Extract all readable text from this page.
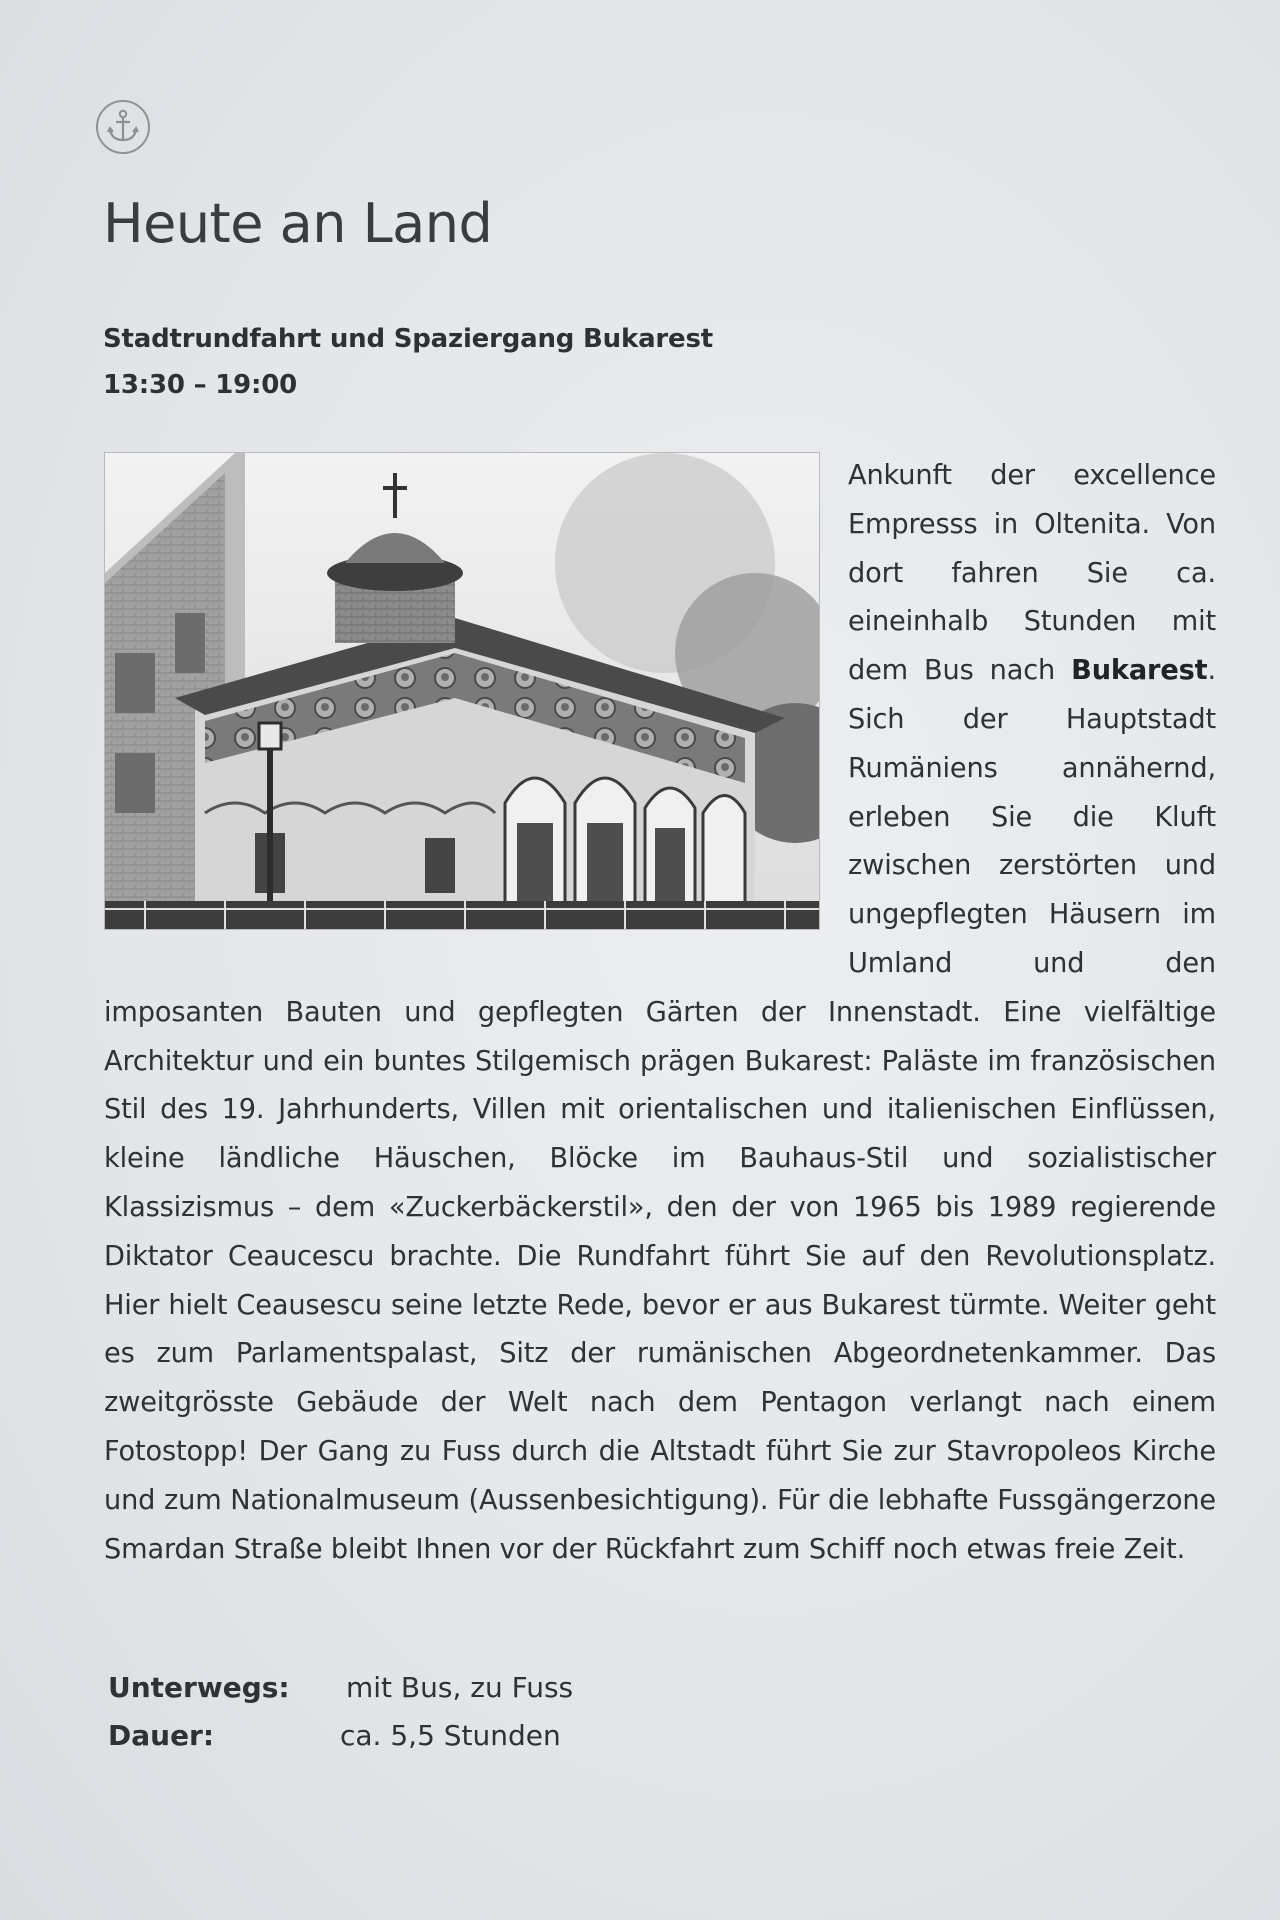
Heute an Land
Stadtrundfahrt und Spaziergang Bukarest
13:30 – 19:00
Ankunft der excellence Empresss in Oltenita. Von dort fahren Sie ca. eineinhalb Stunden mit dem Bus nach Bukarest. Sich der Hauptstadt Rumäniens annähernd, erleben Sie die Kluft zwischen zerstörten und ungepflegten Häusern im Umland und den imposanten Bauten und gepflegten Gärten der Innenstadt. Eine vielfältige Architektur und ein buntes Stilgemisch prägen Bukarest: Paläste im französischen Stil des 19. Jahrhunderts, Villen mit orientalischen und italienischen Einflüssen, kleine ländliche Häuschen, Blöcke im Bauhaus-Stil und sozialistischer Klassizismus – dem «Zuckerbäckerstil», den der von 1965 bis 1989 regierende Diktator Ceaucescu brachte. Die Rundfahrt führt Sie auf den Revolutionsplatz. Hier hielt Ceausescu seine letzte Rede, bevor er aus Bukarest türmte. Weiter geht es zum Parlamentspalast, Sitz der rumänischen Abgeordnetenkammer. Das zweitgrösste Gebäude der Welt nach dem Pentagon verlangt nach einem Fotostopp! Der Gang zu Fuss durch die Altstadt führt Sie zur Stavropoleos Kirche und zum Nationalmuseum (Aussenbesichtigung). Für die lebhafte Fussgängerzone Smardan Straße bleibt Ihnen vor der Rückfahrt zum Schiff noch etwas freie Zeit.
Unterwegs:	mit Bus, zu Fuss
Dauer:	ca. 5,5 Stunden
